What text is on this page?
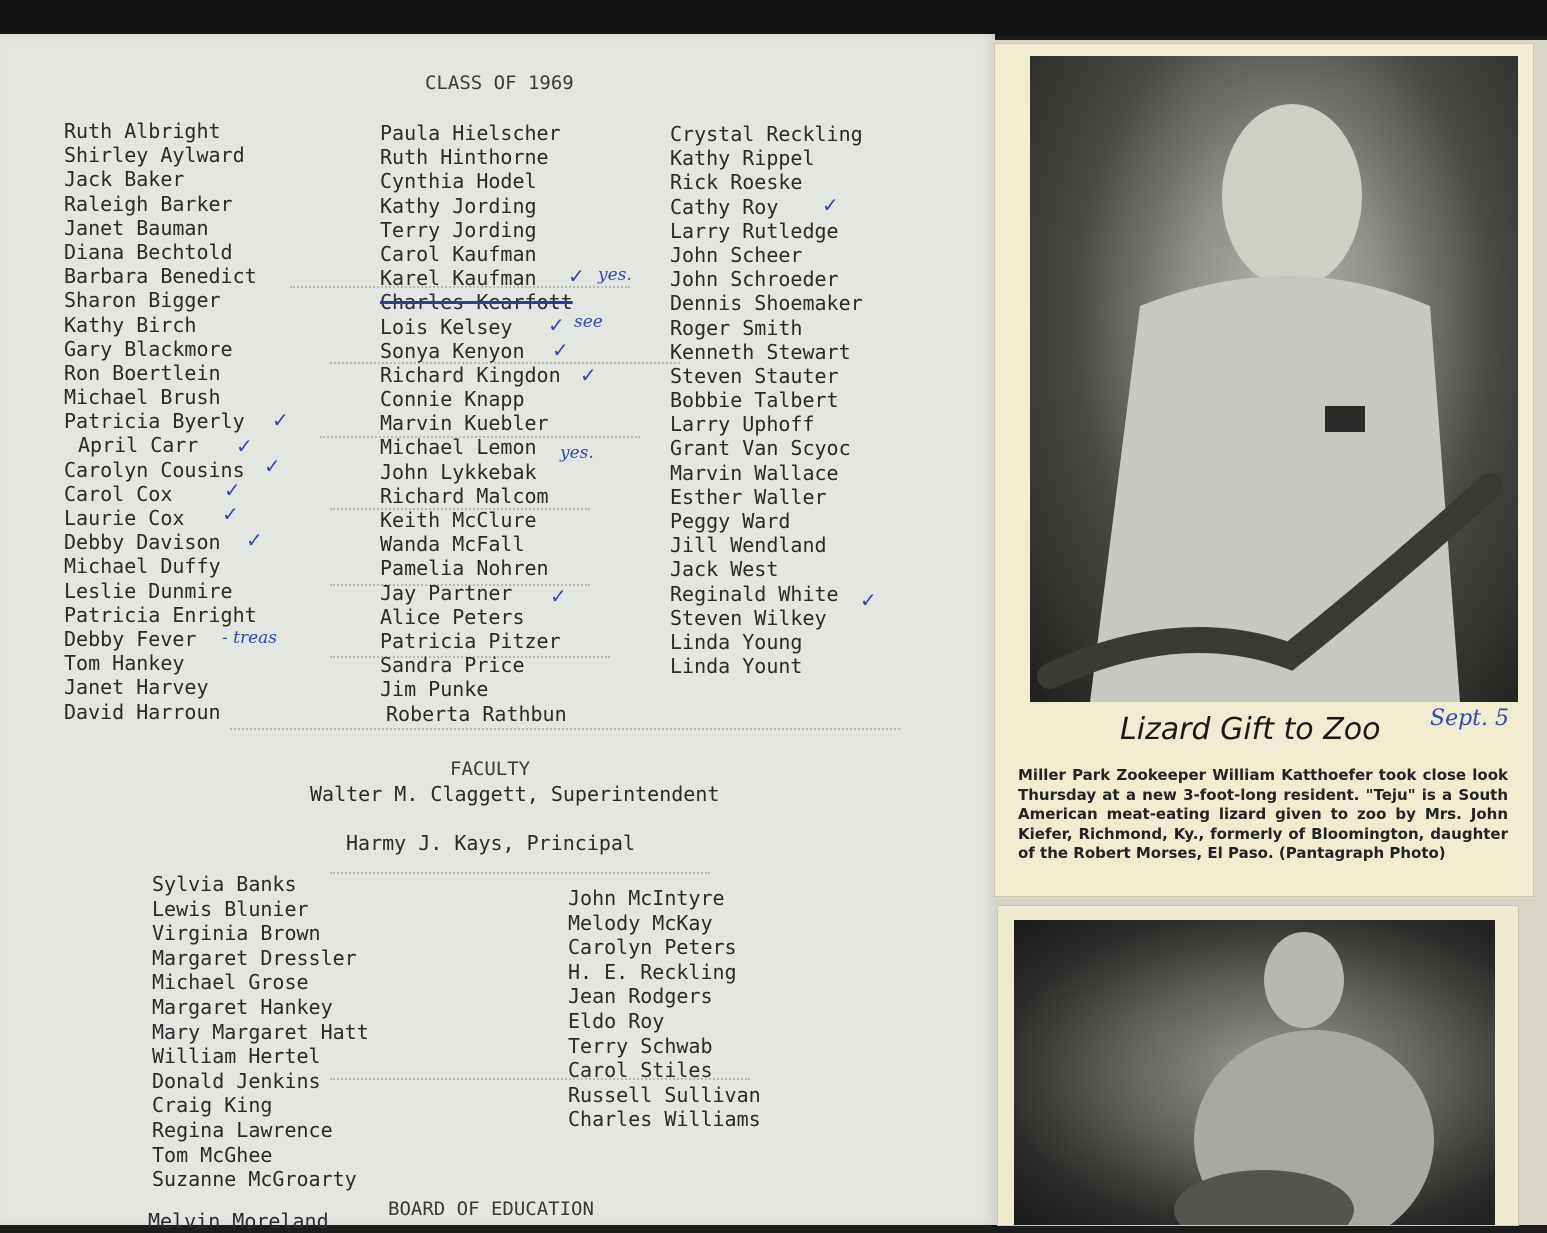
CLASS OF 1969
Ruth Albright
Shirley Aylward
Jack Baker
Raleigh Barker
Janet Bauman
Diana Bechtold
Barbara Benedict
Sharon Bigger
Kathy Birch
Gary Blackmore
Ron Boertlein
Michael Brush
Patricia Byerly
April Carr
Carolyn Cousins
Carol Cox
Laurie Cox
Debby Davison
Michael Duffy
Leslie Dunmire
Patricia Enright
Debby Fever
Tom Hankey
Janet Harvey
David Harroun
Paula Hielscher
Ruth Hinthorne
Cynthia Hodel
Kathy Jording
Terry Jording
Carol Kaufman
Karel Kaufman
Charles Kearfott
Lois Kelsey
Sonya Kenyon
Richard Kingdon
Connie Knapp
Marvin Kuebler
Michael Lemon
John Lykkebak
Richard Malcom
Keith McClure
Wanda McFall
Pamelia Nohren
Jay Partner
Alice Peters
Patricia Pitzer
Sandra Price
Jim Punke
Roberta Rathbun
Crystal Reckling
Kathy Rippel
Rick Roeske
Cathy Roy
Larry Rutledge
John Scheer
John Schroeder
Dennis Shoemaker
Roger Smith
Kenneth Stewart
Steven Stauter
Bobbie Talbert
Larry Uphoff
Grant Van Scyoc
Marvin Wallace
Esther Waller
Peggy Ward
Jill Wendland
Jack West
Reginald White
Steven Wilkey
Linda Young
Linda Yount
✓ yes.
✓ see
✓
✓
yes.
✓
✓
✓
✓
✓
✓
- treas
✓
✓
✓
FACULTY
Walter M. Claggett, Superintendent
Harmy J. Kays, Principal
Sylvia Banks
Lewis Blunier
Virginia Brown
Margaret Dressler
Michael Grose
Margaret Hankey
Mary Margaret Hatt
William Hertel
Donald Jenkins
Craig King
Regina Lawrence
Tom McGhee
Suzanne McGroarty
John McIntyre
Melody McKay
Carolyn Peters
H. E. Reckling
Jean Rodgers
Eldo Roy
Terry Schwab
Carol Stiles
Russell Sullivan
Charles Williams
BOARD OF EDUCATION
Melvin Moreland
Lizard Gift to Zoo Sept. 5
Miller Park Zookeeper William Katthoefer took close look Thursday at a new 3-foot-long resident. "Teju" is a South American meat-eating lizard given to zoo by Mrs. John Kiefer, Richmond, Ky., formerly of Bloomington, daughter of the Robert Morses, El Paso. (Pantagraph Photo)
